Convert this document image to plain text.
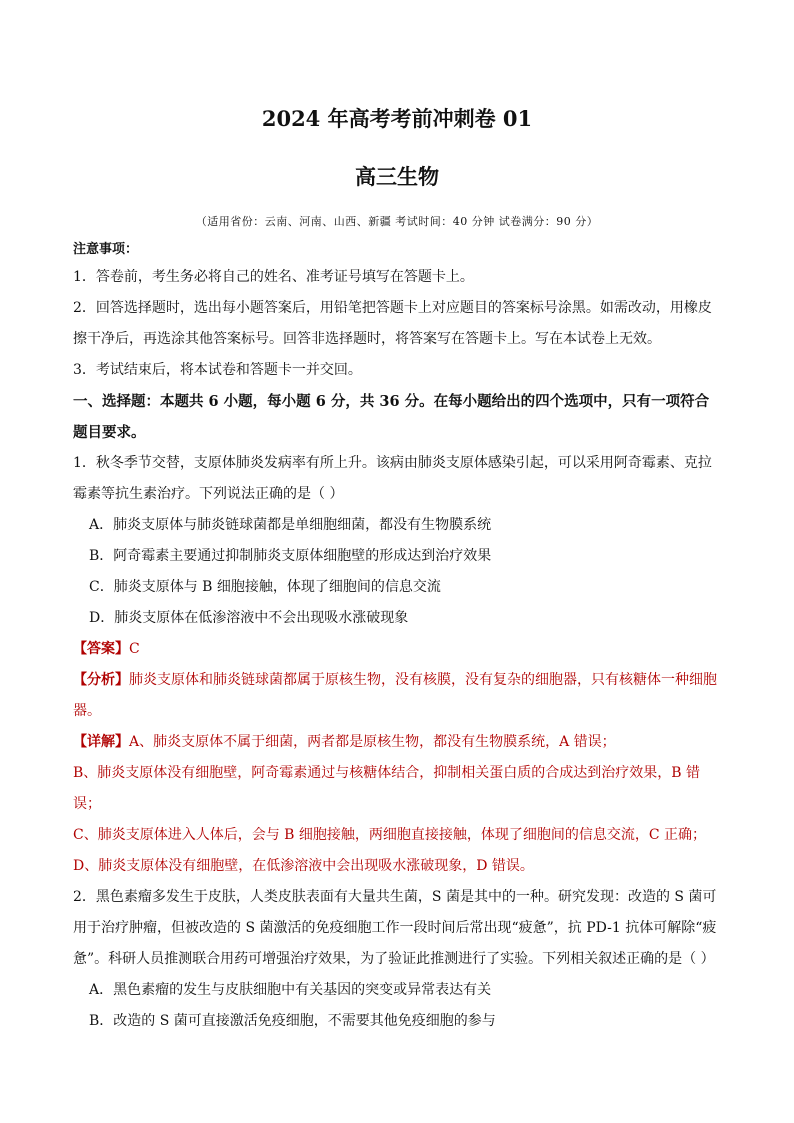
2024 年高考考前冲刺卷 01
高三生物
（适用省份：云南、河南、山西、新疆 考试时间：40 分钟 试卷满分：90 分）
注意事项：

1．答卷前，考生务必将自己的姓名、准考证号填写在答题卡上。

2．回答选择题时，选出每小题答案后，用铅笔把答题卡上对应题目的答案标号涂黑。如需改动，用橡皮擦干净后，再选涂其他答案标号。回答非选择题时，将答案写在答题卡上。写在本试卷上无效。

3．考试结束后，将本试卷和答题卡一并交回。

一、选择题：本题共 6 小题，每小题 6 分，共 36 分。在每小题给出的四个选项中，只有一项符合题目要求。

1．秋冬季节交替，支原体肺炎发病率有所上升。该病由肺炎支原体感染引起，可以采用阿奇霉素、克拉霉素等抗生素治疗。下列说法正确的是（ ）

A．肺炎支原体与肺炎链球菌都是单细胞细菌，都没有生物膜系统

B．阿奇霉素主要通过抑制肺炎支原体细胞壁的形成达到治疗效果

C．肺炎支原体与 B 细胞接触，体现了细胞间的信息交流

D．肺炎支原体在低渗溶液中不会出现吸水涨破现象

【答案】C

【分析】肺炎支原体和肺炎链球菌都属于原核生物，没有核膜，没有复杂的细胞器，只有核糖体一种细胞器。

【详解】A、肺炎支原体不属于细菌，两者都是原核生物，都没有生物膜系统，A 错误；

B、肺炎支原体没有细胞壁，阿奇霉素通过与核糖体结合，抑制相关蛋白质的合成达到治疗效果，B 错误；

C、肺炎支原体进入人体后，会与 B 细胞接触，两细胞直接接触，体现了细胞间的信息交流，C 正确；

D、肺炎支原体没有细胞壁，在低渗溶液中会出现吸水涨破现象，D 错误。

2．黑色素瘤多发生于皮肤，人类皮肤表面有大量共生菌，S 菌是其中的一种。研究发现：改造的 S 菌可用于治疗肿瘤，但被改造的 S 菌激活的免疫细胞工作一段时间后常出现“疲惫”，抗 PD-1 抗体可解除“疲惫”。科研人员推测联合用药可增强治疗效果，为了验证此推测进行了实验。下列相关叙述正确的是（ ）

A．黑色素瘤的发生与皮肤细胞中有关基因的突变或异常表达有关

B．改造的 S 菌可直接激活免疫细胞，不需要其他免疫细胞的参与
